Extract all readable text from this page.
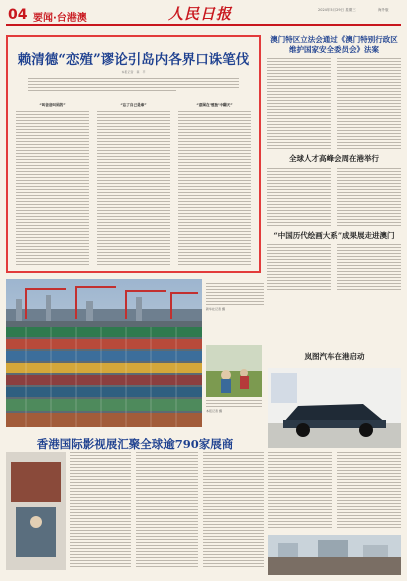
04 要闻·台港澳	人民日报	2024年5月29日 星期三	海外版
赖清德“恋殖”谬论引岛内各界口诛笔伐
本报记者　冀　平
“叫爸爸叫妈的”	“忘了自己是谁”	“意图在‘殖独’中翻天”
澳门特区立法会通过《澳门特别行政区
维护国家安全委员会》法案
全球人才高峰会周在港举行
“中国历代绘画大系”成果展走进澳门
新华社记者 摄
岚图汽车在港启动
香港国际影视展汇聚全球逾790家展商
本报记者 摄
